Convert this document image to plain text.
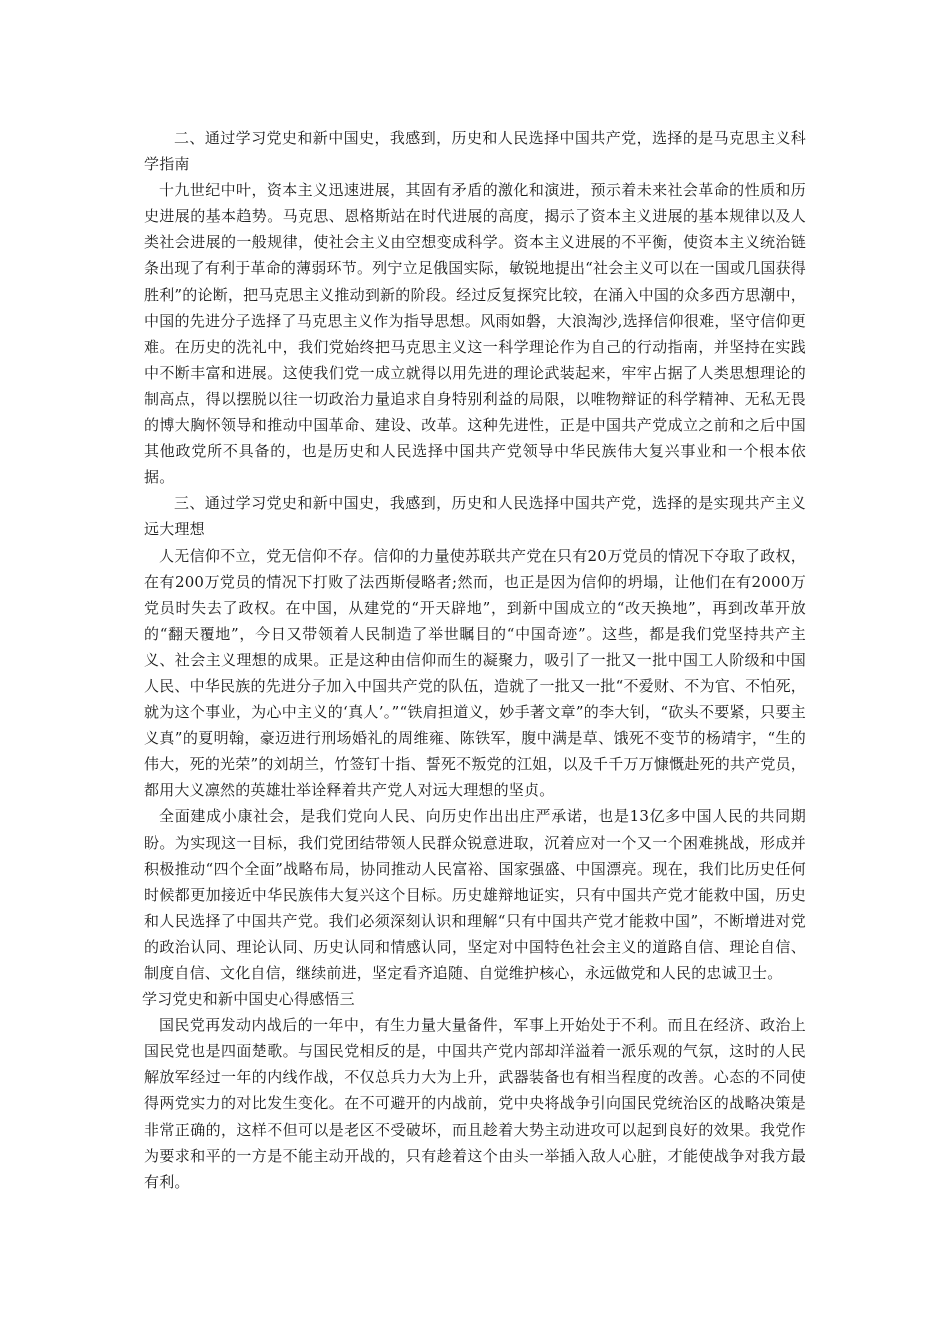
二、通过学习党史和新中国史，我感到，历史和人民选择中国共产党，选择的是马克思主义科学指南

十九世纪中叶，资本主义迅速进展，其固有矛盾的激化和演进，预示着未来社会革命的性质和历史进展的基本趋势。马克思、恩格斯站在时代进展的高度，揭示了资本主义进展的基本规律以及人类社会进展的一般规律，使社会主义由空想变成科学。资本主义进展的不平衡，使资本主义统治链条出现了有利于革命的薄弱环节。列宁立足俄国实际，敏锐地提出“社会主义可以在一国或几国获得胜利”的论断，把马克思主义推动到新的阶段。经过反复探究比较，在涌入中国的众多西方思潮中，中国的先进分子选择了马克思主义作为指导思想。风雨如磐，大浪淘沙,选择信仰很难，坚守信仰更难。在历史的洗礼中，我们党始终把马克思主义这一科学理论作为自己的行动指南，并坚持在实践中不断丰富和进展。这使我们党一成立就得以用先进的理论武装起来，牢牢占据了人类思想理论的制高点，得以摆脱以往一切政治力量追求自身特别利益的局限，以唯物辩证的科学精神、无私无畏的博大胸怀领导和推动中国革命、建设、改革。这种先进性，正是中国共产党成立之前和之后中国其他政党所不具备的，也是历史和人民选择中国共产党领导中华民族伟大复兴事业和一个根本依据。

三、通过学习党史和新中国史，我感到，历史和人民选择中国共产党，选择的是实现共产主义远大理想

人无信仰不立，党无信仰不存。信仰的力量使苏联共产党在只有20万党员的情况下夺取了政权，在有200万党员的情况下打败了法西斯侵略者;然而，也正是因为信仰的坍塌，让他们在有2000万党员时失去了政权。在中国，从建党的“开天辟地”，到新中国成立的“改天换地”，再到改革开放的“翻天覆地”，今日又带领着人民制造了举世瞩目的“中国奇迹”。这些，都是我们党坚持共产主义、社会主义理想的成果。正是这种由信仰而生的凝聚力，吸引了一批又一批中国工人阶级和中国人民、中华民族的先进分子加入中国共产党的队伍，造就了一批又一批“不爱财、不为官、不怕死，就为这个事业，为心中主义的‘真人’。”“铁肩担道义，妙手著文章”的李大钊，“砍头不要紧，只要主义真”的夏明翰，豪迈进行刑场婚礼的周维雍、陈铁军，腹中满是草、饿死不变节的杨靖宇，“生的伟大，死的光荣”的刘胡兰，竹签钉十指、誓死不叛党的江姐，以及千千万万慷慨赴死的共产党员，都用大义凛然的英雄壮举诠释着共产党人对远大理想的坚贞。

全面建成小康社会，是我们党向人民、向历史作出出庄严承诺，也是13亿多中国人民的共同期盼。为实现这一目标，我们党团结带领人民群众锐意进取，沉着应对一个又一个困难挑战，形成并积极推动“四个全面”战略布局，协同推动人民富裕、国家强盛、中国漂亮。现在，我们比历史任何时候都更加接近中华民族伟大复兴这个目标。历史雄辩地证实，只有中国共产党才能救中国，历史和人民选择了中国共产党。我们必须深刻认识和理解“只有中国共产党才能救中国”，不断增进对党的政治认同、理论认同、历史认同和情感认同，坚定对中国特色社会主义的道路自信、理论自信、制度自信、文化自信，继续前进，坚定看齐追随、自觉维护核心，永远做党和人民的忠诚卫士。

学习党史和新中国史心得感悟三

国民党再发动内战后的一年中，有生力量大量备件，军事上开始处于不利。而且在经济、政治上国民党也是四面楚歌。与国民党相反的是，中国共产党内部却洋溢着一派乐观的气氛，这时的人民解放军经过一年的内线作战，不仅总兵力大为上升，武器装备也有相当程度的改善。心态的不同使得两党实力的对比发生变化。在不可避开的内战前，党中央将战争引向国民党统治区的战略决策是非常正确的，这样不但可以是老区不受破坏，而且趁着大势主动进攻可以起到良好的效果。我党作为要求和平的一方是不能主动开战的，只有趁着这个由头一举插入敌人心脏，才能使战争对我方最有利。
